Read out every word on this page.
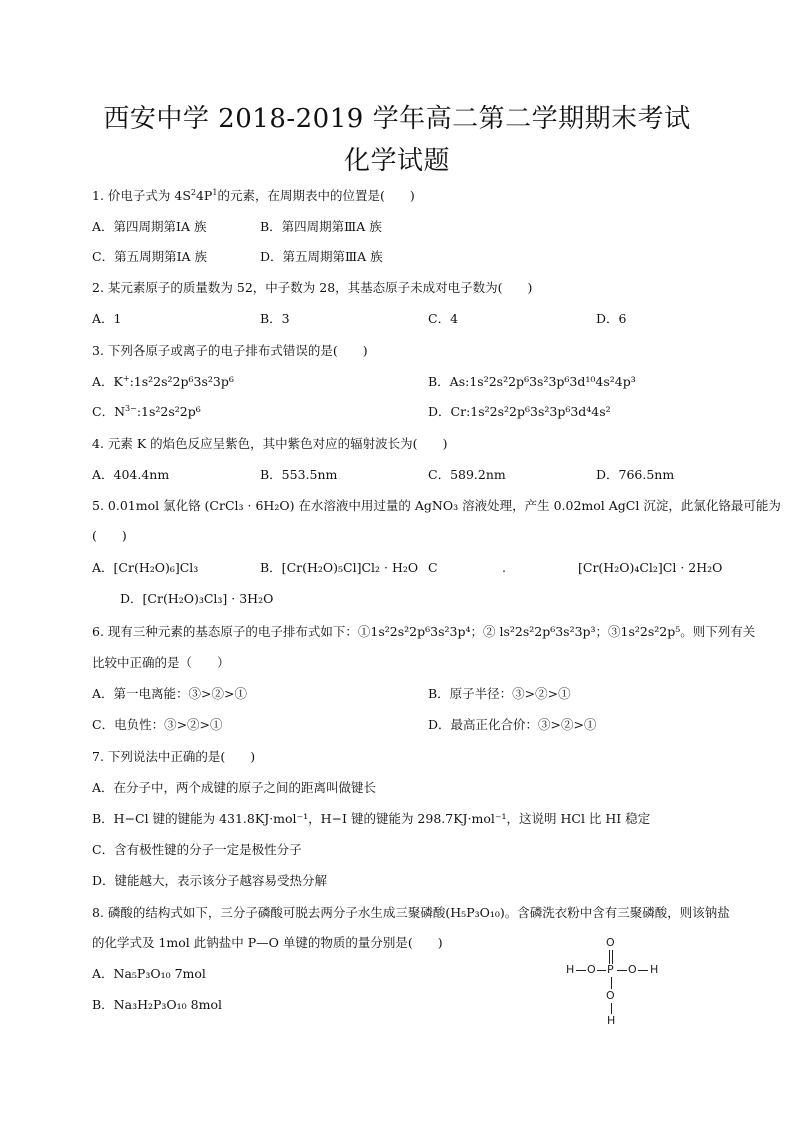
西安中学 2018-2019 学年高二第二学期期末考试
化学试题
1. 价电子式为 $4S^24P^1$的元素，在周期表中的位置是(　　)
A．第四周期第ⅠA 族	B．第四周期第ⅢA 族
C．第五周期第ⅠA 族	D．第五周期第ⅢA 族
2. 某元素原子的质量数为 52，中子数为 28，其基态原子未成对电子数为(　　)
A．1	B．3	C．4	D．6
3. 下列各原子或离子的电子排布式错误的是(　　)
A．K+:1s²2s²2p⁶3s²3p⁶	B．As:1s²2s²2p⁶3s²3p⁶3d¹⁰4s²4p³
C．$N^{3-}:1s^22s^22p^6$	D．Cr:1s²2s²2p⁶3s²3p⁶3d⁴4s²
4. 元素 K 的焰色反应呈紫色，其中紫色对应的辐射波长为(　　)
A．404.4nm	B．553.5nm	C．589.2nm	D．766.5nm
5. 0.01mol 氯化铬 (CrCl₃ · 6H₂O) 在水溶液中用过量的 AgNO₃ 溶液处理，产生 0.02mol AgCl 沉淀，此氯化铬最可能为
(　　)
A．[Cr(H₂O)₆]Cl₃	B．[Cr(H₂O)₅Cl]Cl₂ · H₂O C	.	[Cr(H₂O)₄Cl₂]Cl · 2H₂O
D．[Cr(H₂O)₃Cl₃] · 3H₂O
6. 现有三种元素的基态原子的电子排布式如下：①1s²2s²2p⁶3s²3p⁴；② ls²2s²2p⁶3s²3p³；③1s²2s²2p⁵。则下列有关
比较中正确的是（　　）
A．第一电离能：③>②>①	B．原子半径：③>②>①
C．电负性：③>②>①	D．最高正化合价：③>②>①
7. 下列说法中正确的是(　　)
A．在分子中，两个成键的原子之间的距离叫做键长
B．H−Cl 键的键能为 431.8KJ·mol⁻¹，H−I 键的键能为 298.7KJ·mol⁻¹，这说明 HCl 比 HI 稳定
C．含有极性键的分子一定是极性分子
D．键能越大，表示该分子越容易受热分解
8. 磷酸的结构式如下，三分子磷酸可脱去两分子水生成三聚磷酸(H₅P₃O₁₀)。含磷洗衣粉中含有三聚磷酸，则该钠盐
的化学式及 1mol 此钠盐中 P—O 单键的物质的量分别是(　　)
A．Na₅P₃O₁₀ 7mol
B．Na₃H₂P₃O₁₀ 8mol
O
H O P O H
O
H
